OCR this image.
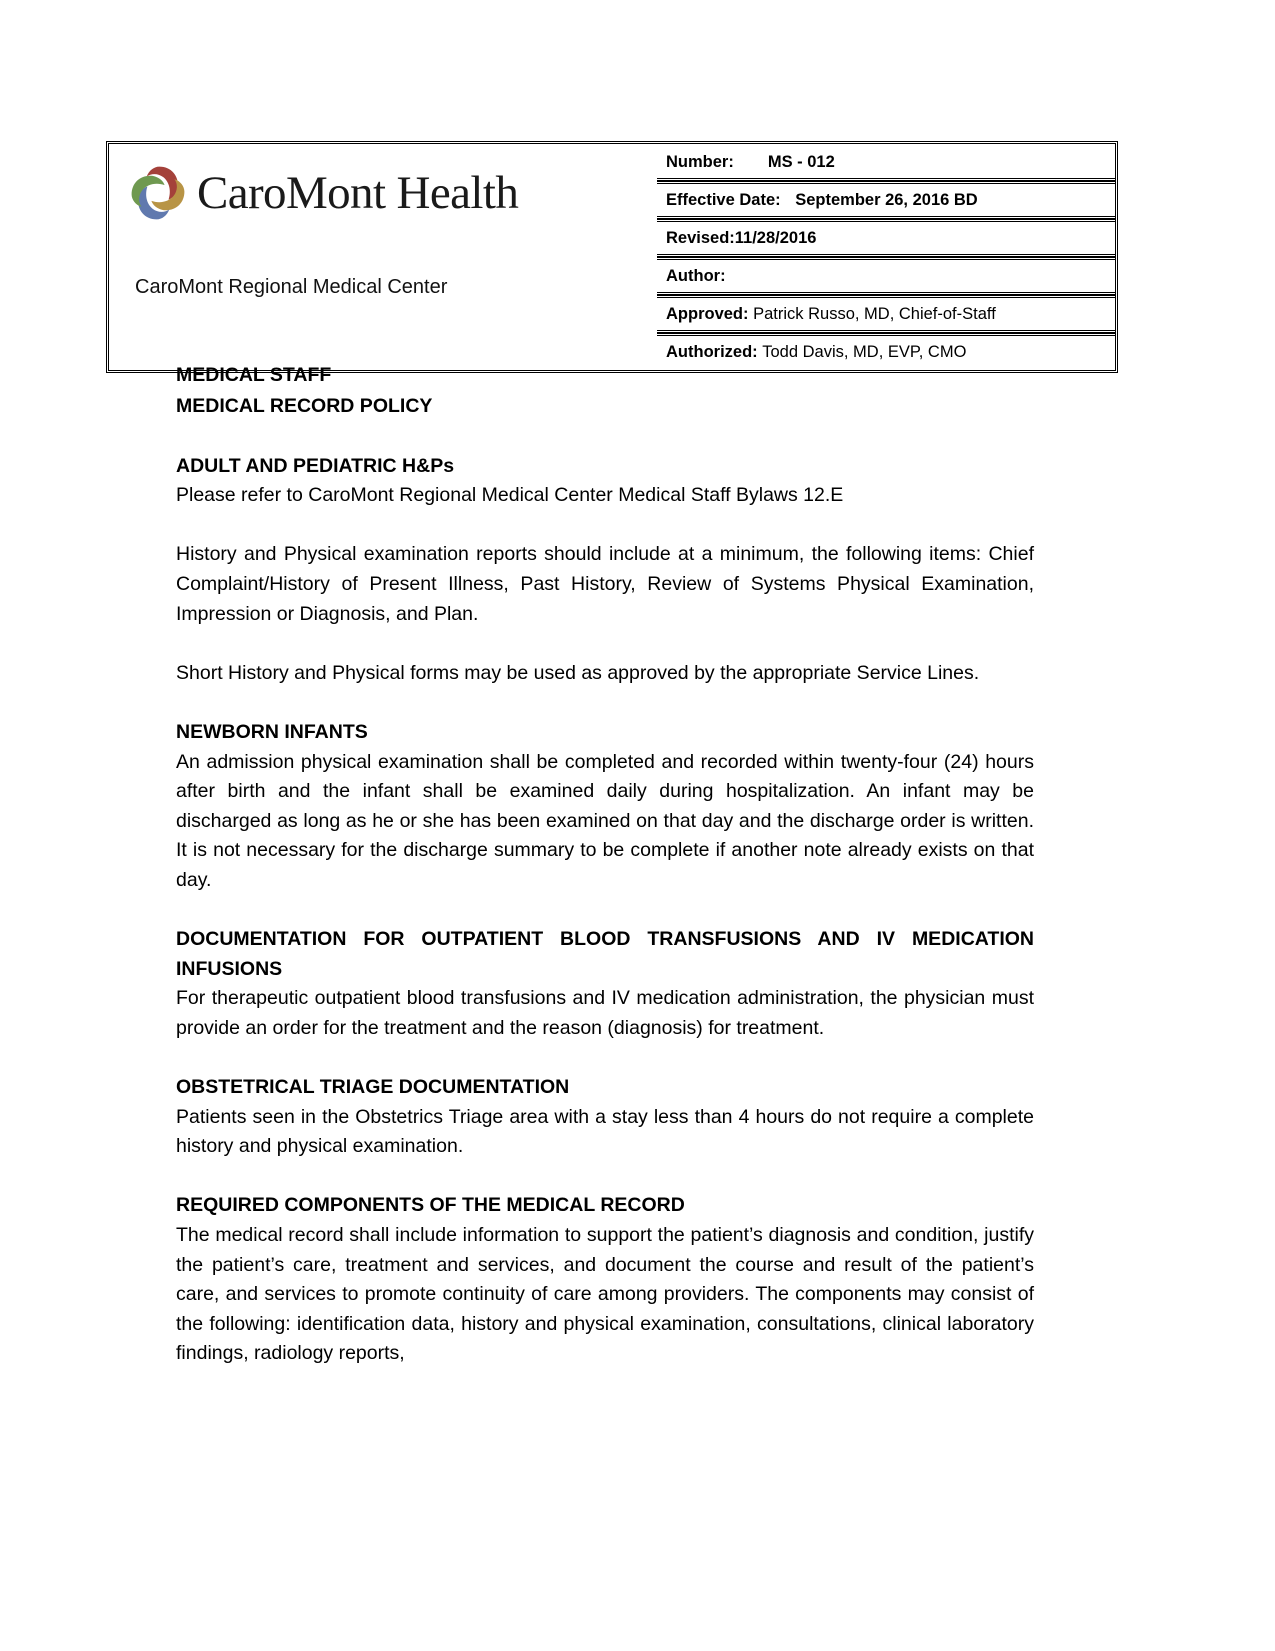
CaroMont Health
CaroMont Regional Medical Center
Number: MS - 012
Effective Date: September 26, 2016 BD
Revised:11/28/2016
Author:
Approved: Patrick Russo, MD, Chief-of-Staff
Authorized: Todd Davis, MD, EVP, CMO
MEDICAL STAFF
MEDICAL RECORD POLICY
ADULT AND PEDIATRIC H&Ps
Please refer to CaroMont Regional Medical Center Medical Staff Bylaws 12.E
History and Physical examination reports should include at a minimum, the following items: Chief Complaint/History of Present Illness, Past History, Review of Systems Physical Examination, Impression or Diagnosis, and Plan.
Short History and Physical forms may be used as approved by the appropriate Service Lines.
NEWBORN INFANTS
An admission physical examination shall be completed and recorded within twenty-four (24) hours after birth and the infant shall be examined daily during hospitalization. An infant may be discharged as long as he or she has been examined on that day and the discharge order is written. It is not necessary for the discharge summary to be complete if another note already exists on that day.
DOCUMENTATION FOR OUTPATIENT BLOOD TRANSFUSIONS AND IV MEDICATION INFUSIONS
For therapeutic outpatient blood transfusions and IV medication administration, the physician must provide an order for the treatment and the reason (diagnosis) for treatment.
OBSTETRICAL TRIAGE DOCUMENTATION
Patients seen in the Obstetrics Triage area with a stay less than 4 hours do not require a complete history and physical examination.
REQUIRED COMPONENTS OF THE MEDICAL RECORD
The medical record shall include information to support the patient’s diagnosis and condition, justify the patient’s care, treatment and services, and document the course and result of the patient’s care, and services to promote continuity of care among providers. The components may consist of the following: identification data, history and physical examination, consultations, clinical laboratory findings, radiology reports,
